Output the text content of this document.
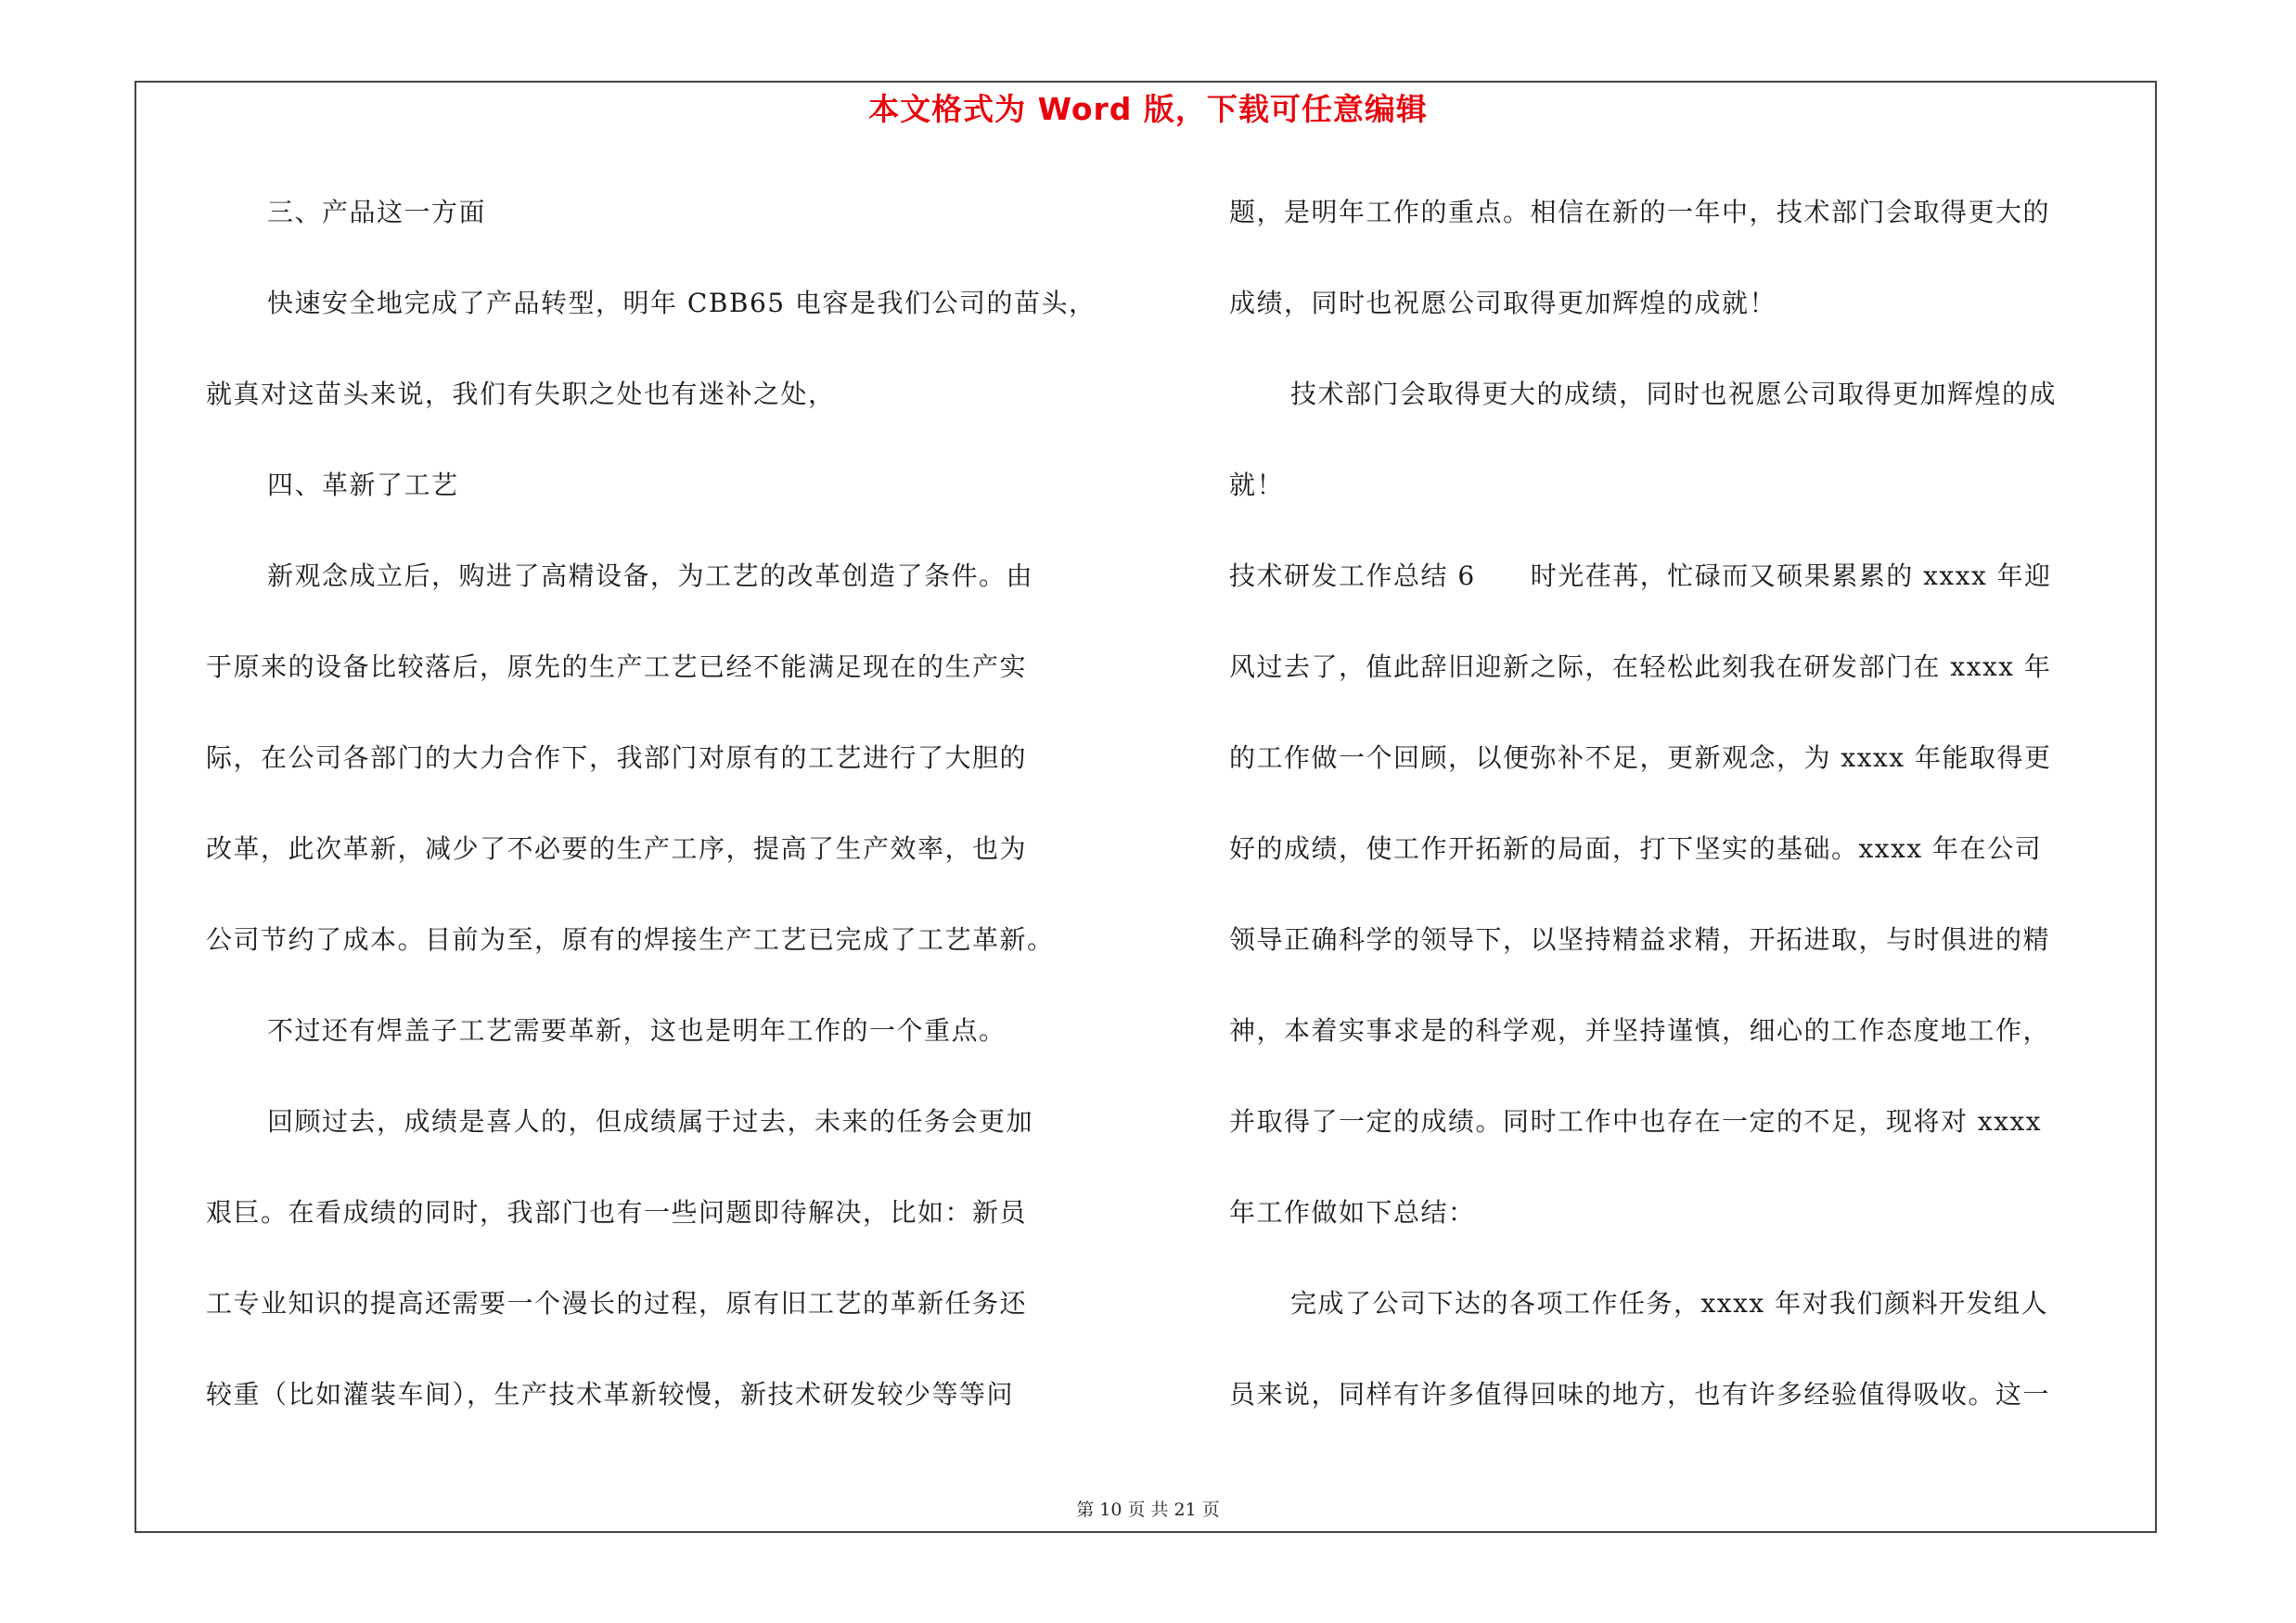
本文格式为 Word 版，下载可任意编辑
三、产品这一方面
快速安全地完成了产品转型，明年 CBB65 电容是我们公司的苗头，
就真对这苗头来说，我们有失职之处也有迷补之处，
四、革新了工艺
新观念成立后，购进了高精设备，为工艺的改革创造了条件。由
于原来的设备比较落后，原先的生产工艺已经不能满足现在的生产实
际，在公司各部门的大力合作下，我部门对原有的工艺进行了大胆的
改革，此次革新，减少了不必要的生产工序，提高了生产效率，也为
公司节约了成本。目前为至，原有的焊接生产工艺已完成了工艺革新。
不过还有焊盖子工艺需要革新，这也是明年工作的一个重点。
回顾过去，成绩是喜人的，但成绩属于过去，未来的任务会更加
艰巨。在看成绩的同时，我部门也有一些问题即待解决，比如：新员
工专业知识的提高还需要一个漫长的过程，原有旧工艺的革新任务还
较重（比如灌装车间），生产技术革新较慢，新技术研发较少等等问
题，是明年工作的重点。相信在新的一年中，技术部门会取得更大的
成绩，同时也祝愿公司取得更加辉煌的成就！
技术部门会取得更大的成绩，同时也祝愿公司取得更加辉煌的成
就！
技术研发工作总结 6　　时光荏苒，忙碌而又硕果累累的 xxxx 年迎
风过去了，值此辞旧迎新之际，在轻松此刻我在研发部门在 xxxx 年
的工作做一个回顾，以便弥补不足，更新观念，为 xxxx 年能取得更
好的成绩，使工作开拓新的局面，打下坚实的基础。xxxx 年在公司
领导正确科学的领导下，以坚持精益求精，开拓进取，与时俱进的精
神，本着实事求是的科学观，并坚持谨慎，细心的工作态度地工作，
并取得了一定的成绩。同时工作中也存在一定的不足，现将对 xxxx
年工作做如下总结：
完成了公司下达的各项工作任务，xxxx 年对我们颜料开发组人
员来说，同样有许多值得回味的地方，也有许多经验值得吸收。这一
第 10 页 共 21 页
